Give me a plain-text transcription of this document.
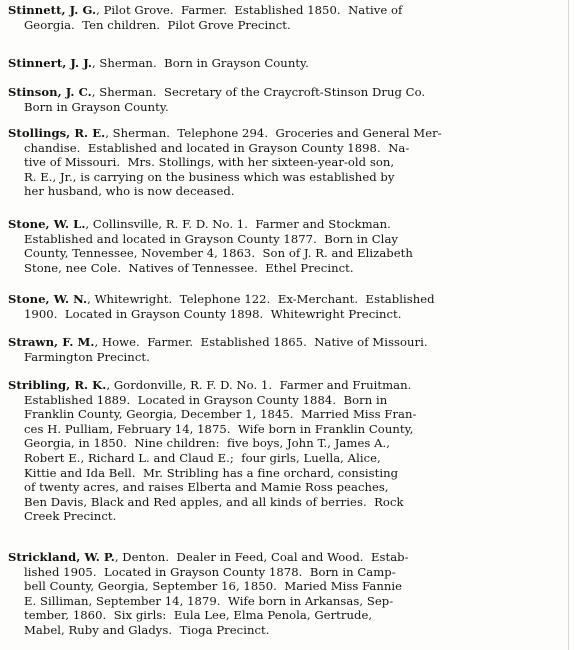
Stinnett, J. G., Pilot Grove.  Farmer.  Established 1850.  Native of
Georgia.  Ten children.  Pilot Grove Precinct.
Stinnert, J. J., Sherman.  Born in Grayson County.
Stinson, J. C., Sherman.  Secretary of the Craycroft-Stinson Drug Co.
Born in Grayson County.
Stollings, R. E., Sherman.  Telephone 294.  Groceries and General Mer-
chandise.  Established and located in Grayson County 1898.  Na-
tive of Missouri.  Mrs. Stollings, with her sixteen-year-old son,
R. E., Jr., is carrying on the business which was established by
her husband, who is now deceased.
Stone, W. L., Collinsville, R. F. D. No. 1.  Farmer and Stockman.
Established and located in Grayson County 1877.  Born in Clay
County, Tennessee, November 4, 1863.  Son of J. R. and Elizabeth
Stone, nee Cole.  Natives of Tennessee.  Ethel Precinct.
Stone, W. N., Whitewright.  Telephone 122.  Ex-Merchant.  Established
1900.  Located in Grayson County 1898.  Whitewright Precinct.
Strawn, F. M., Howe.  Farmer.  Established 1865.  Native of Missouri.
Farmington Precinct.
Stribling, R. K., Gordonville, R. F. D. No. 1.  Farmer and Fruitman.
Established 1889.  Located in Grayson County 1884.  Born in
Franklin County, Georgia, December 1, 1845.  Married Miss Fran-
ces H. Pulliam, February 14, 1875.  Wife born in Franklin County,
Georgia, in 1850.  Nine children:  five boys, John T., James A.,
Robert E., Richard L. and Claud E.;  four girls, Luella, Alice,
Kittie and Ida Bell.  Mr. Stribling has a fine orchard, consisting
of twenty acres, and raises Elberta and Mamie Ross peaches,
Ben Davis, Black and Red apples, and all kinds of berries.  Rock
Creek Precinct.
Strickland, W. P., Denton.  Dealer in Feed, Coal and Wood.  Estab-
lished 1905.  Located in Grayson County 1878.  Born in Camp-
bell County, Georgia, September 16, 1850.  Maried Miss Fannie
E. Silliman, September 14, 1879.  Wife born in Arkansas, Sep-
tember, 1860.  Six girls:  Eula Lee, Elma Penola, Gertrude,
Mabel, Ruby and Gladys.  Tioga Precinct.
